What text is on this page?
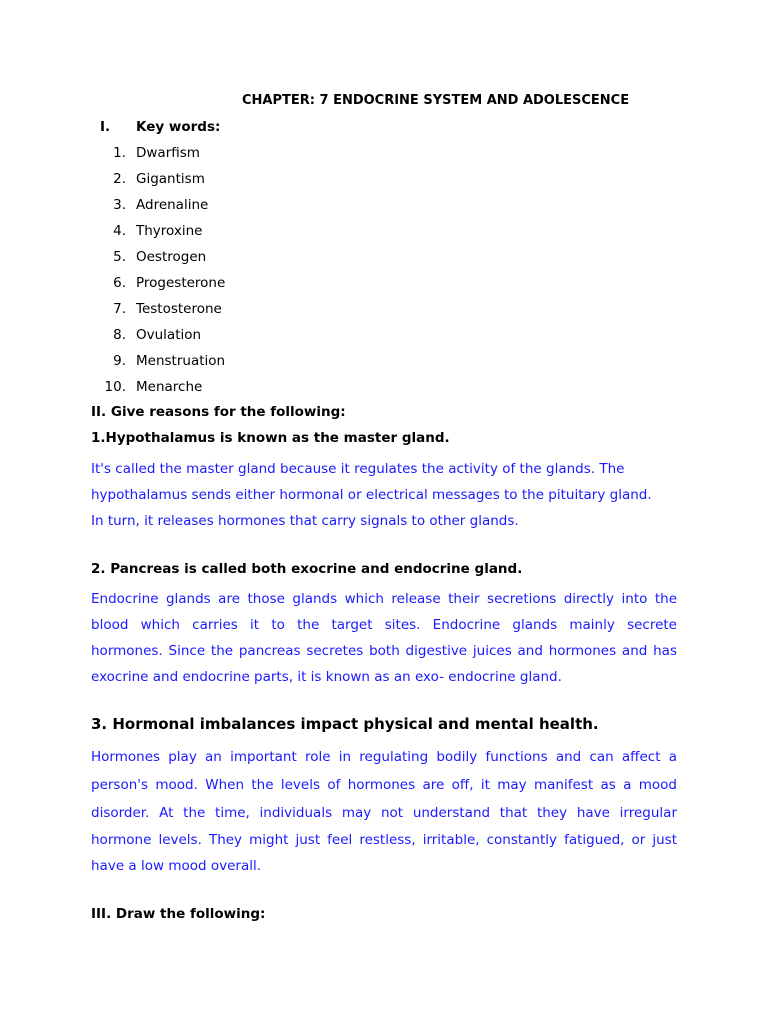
CHAPTER: 7 ENDOCRINE SYSTEM AND ADOLESCENCE
I. Key words:
1. Dwarfism
2. Gigantism
3. Adrenaline
4. Thyroxine
5. Oestrogen
6. Progesterone
7. Testosterone
8. Ovulation
9. Menstruation
10. Menarche
II. Give reasons for the following:
1.Hypothalamus is known as the master gland.
It's called the master gland because it regulates the activity of the glands. The
hypothalamus sends either hormonal or electrical messages to the pituitary gland.
In turn, it releases hormones that carry signals to other glands.
2. Pancreas is called both exocrine and endocrine gland.
Endocrine glands are those glands which release their secretions directly into the
blood which carries it to the target sites. Endocrine glands mainly secrete
hormones. Since the pancreas secretes both digestive juices and hormones and has
exocrine and endocrine parts, it is known as an exo- endocrine gland.
3. Hormonal imbalances impact physical and mental health.
Hormones play an important role in regulating bodily functions and can affect a
person's mood. When the levels of hormones are off, it may manifest as a mood
disorder. At the time, individuals may not understand that they have irregular
hormone levels. They might just feel restless, irritable, constantly fatigued, or just
have a low mood overall.
III. Draw the following:
